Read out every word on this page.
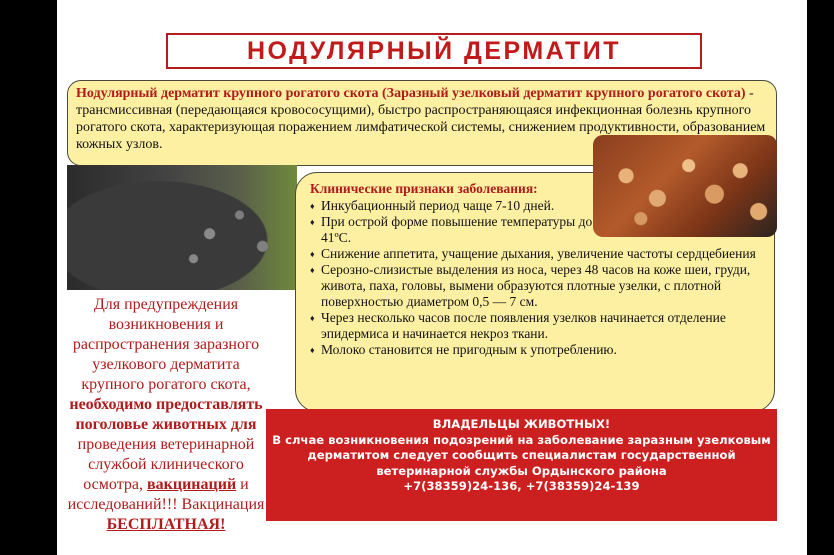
НОДУЛЯРНЫЙ ДЕРМАТИТ
Нодулярный дерматит крупного рогатого скота (Заразный узелковый дерматит крупного рогатого скота) - трансмиссивная (передающаяся кровососущими), быстро распространяющаяся инфекционная болезнь крупного рогатого скота, характеризующая поражением лимфатической системы, снижением продуктивности, образованием кожных узлов.
Клинические признаки заболевания:
♦ Инкубационный период чаще 7-10 дней.
♦ При острой форме повышение температуры до 41ºС.
♦ Снижение аппетита, учащение дыхания, увеличение частоты сердцебиения
♦ Серозно-слизистые выделения из носа, через 48 часов на коже шеи, груди, живота, паха, головы, вымени образуются плотные узелки, с плотной поверхностью диаметром 0,5 — 7 см.
♦ Через несколько часов после появления узелков начинается отделение эпидермиса и начинается некроз ткани.
♦ Молоко становится не пригодным к употреблению.
Для предупреждения возникновения и распространения заразного узелкового дерматита крупного рогатого скота, необходимо предоставлять поголовье животных для проведения ветеринарной службой клинического осмотра, вакцинаций и исследований!!! Вакцинация БЕСПЛАТНАЯ!
ВЛАДЕЛЬЦЫ ЖИВОТНЫХ!
В слчае возникновения подозрений на заболевание заразным узелковым дерматитом следует сообщить специалистам государственной ветеринарной службы Ордынского района
+7(38359)24-136, +7(38359)24-139
